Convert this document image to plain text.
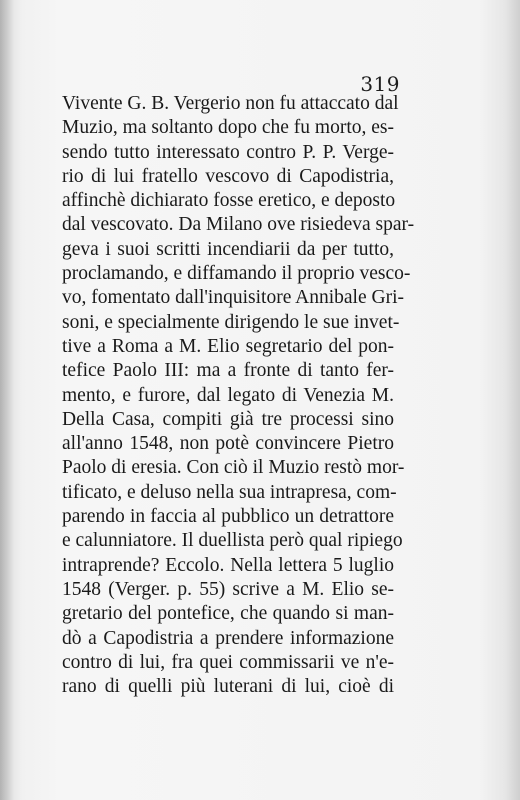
319
Vivente G. B. Vergerio non fu attaccato dal
Muzio, ma soltanto dopo che fu morto, es-
sendo tutto interessato contro P. P. Verge-
rio di lui fratello vescovo di Capodistria,
affinchè dichiarato fosse eretico, e deposto
dal vescovato. Da Milano ove risiedeva spar-
geva i suoi scritti incendiarii da per tutto,
proclamando, e diffamando il proprio vesco-
vo, fomentato dall'inquisitore Annibale Gri-
soni, e specialmente dirigendo le sue invet-
tive a Roma a M. Elio segretario del pon-
tefice Paolo III: ma a fronte di tanto fer-
mento, e furore, dal legato di Venezia M.
Della Casa, compiti già tre processi sino
all'anno 1548, non potè convincere Pietro
Paolo di eresia. Con ciò il Muzio restò mor-
tificato, e deluso nella sua intrapresa, com-
parendo in faccia al pubblico un detrattore
e calunniatore. Il duellista però qual ripiego
intraprende? Eccolo. Nella lettera 5 luglio
1548 (Verger. p. 55) scrive a M. Elio se-
gretario del pontefice, che quando si man-
dò a Capodistria a prendere informazione
contro di lui, fra quei commissarii ve n'e-
rano di quelli più luterani di lui, cioè di
